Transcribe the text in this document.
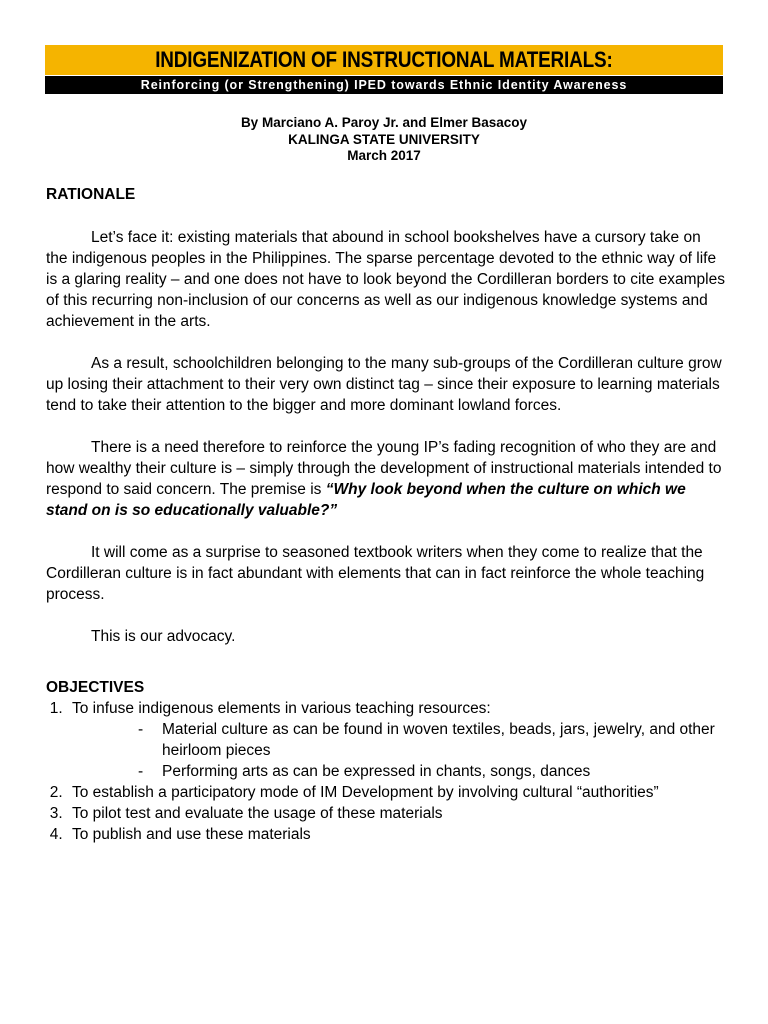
INDIGENIZATION OF INSTRUCTIONAL MATERIALS:
Reinforcing (or Strengthening) IPED towards Ethnic Identity Awareness
By Marciano A. Paroy Jr. and Elmer Basacoy
KALINGA STATE UNIVERSITY
March 2017

RATIONALE

Let’s face it: existing materials that abound in school bookshelves have a cursory take on the indigenous peoples in the Philippines. The sparse percentage devoted to the ethnic way of life is a glaring reality – and one does not have to look beyond the Cordilleran borders to cite examples of this recurring non-inclusion of our concerns as well as our indigenous knowledge systems and achievement in the arts.

As a result, schoolchildren belonging to the many sub-groups of the Cordilleran culture grow up losing their attachment to their very own distinct tag – since their exposure to learning materials tend to take their attention to the bigger and more dominant lowland forces.

There is a need therefore to reinforce the young IP’s fading recognition of who they are and how wealthy their culture is – simply through the development of instructional materials intended to respond to said concern. The premise is “Why look beyond when the culture on which we stand on is so educationally valuable?”

It will come as a surprise to seasoned textbook writers when they come to realize that the Cordilleran culture is in fact abundant with elements that can in fact reinforce the whole teaching process.

This is our advocacy.

OBJECTIVES

1. To infuse indigenous elements in various teaching resources:
- Material culture as can be found in woven textiles, beads, jars, jewelry, and other heirloom pieces
- Performing arts as can be expressed in chants, songs, dances
2. To establish a participatory mode of IM Development by involving cultural “authorities”
3. To pilot test and evaluate the usage of these materials
4. To publish and use these materials
